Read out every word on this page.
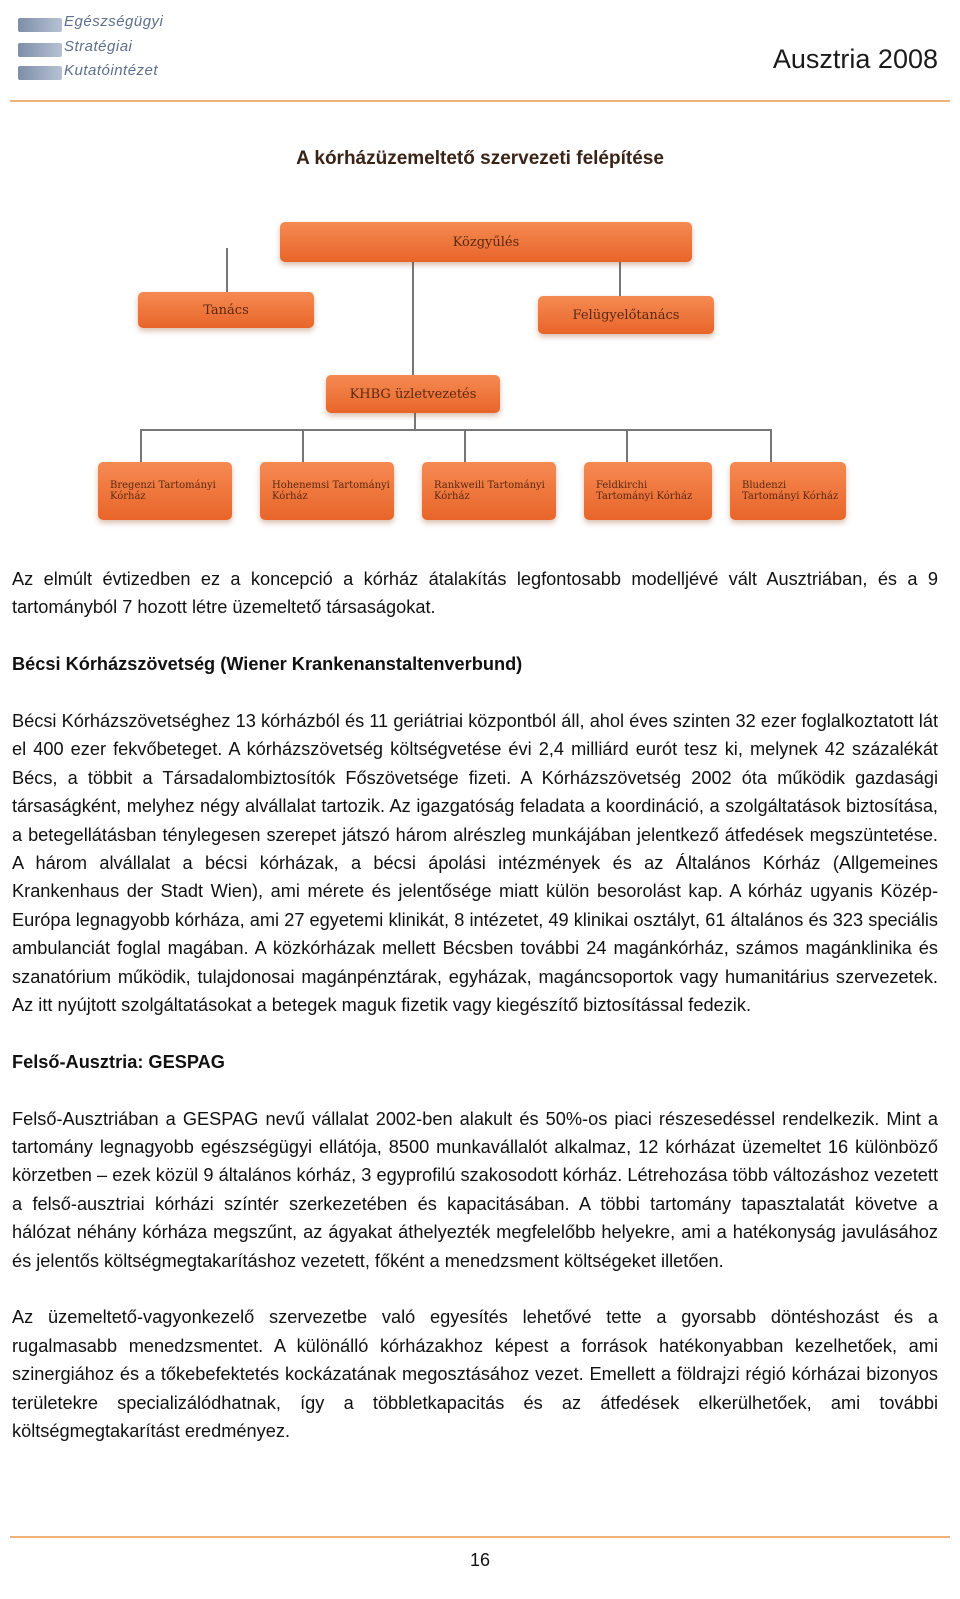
Egészségügyi
Stratégiai
Kutatóintézet	Ausztria 2008
A kórházüzemeltető szervezeti felépítése
Közgyűlés
Tanács	Felügyelőtanács
KHBG üzletvezetés
Bregenzi Tartományi
Kórház
Hohenemsi Tartományi
Kórház
Rankweili Tartományi
Kórház
Feldkirchi
Tartományi Kórház
Bludenzi
Tartományi Kórház

Az elmúlt évtizedben ez a koncepció a kórház átalakítás legfontosabb modelljévé vált Ausztriában, és a 9 tartományból 7 hozott létre üzemeltető társaságokat.

Bécsi Kórházszövetség (Wiener Krankenanstaltenverbund)

Bécsi Kórházszövetséghez 13 kórházból és 11 geriátriai központból áll, ahol éves szinten 32 ezer foglalkoztatott lát el 400 ezer fekvőbeteget. A kórházszövetség költségvetése évi 2,4 milliárd eurót tesz ki, melynek 42 százalékát Bécs, a többit a Társadalombiztosítók Főszövetsége fizeti. A Kórházszövetség 2002 óta működik gazdasági társaságként, melyhez négy alvállalat tartozik. Az igazgatóság feladata a koordináció, a szolgáltatások biztosítása, a betegellátásban ténylegesen szerepet játszó három alrészleg munkájában jelentkező átfedések megszüntetése. A három alvállalat a bécsi kórházak, a bécsi ápolási intézmények és az Általános Kórház (Allgemeines Krankenhaus der Stadt Wien), ami mérete és jelentősége miatt külön besorolást kap. A kórház ugyanis Közép-Európa legnagyobb kórháza, ami 27 egyetemi klinikát, 8 intézetet, 49 klinikai osztályt, 61 általános és 323 speciális ambulanciát foglal magában. A közkórházak mellett Bécsben további 24 magánkórház, számos magánklinika és szanatórium működik, tulajdonosai magánpénztárak, egyházak, magáncsoportok vagy humanitárius szervezetek. Az itt nyújtott szolgáltatásokat a betegek maguk fizetik vagy kiegészítő biztosítással fedezik.

Felső-Ausztria: GESPAG

Felső-Ausztriában a GESPAG nevű vállalat 2002-ben alakult és 50%-os piaci részesedéssel rendelkezik. Mint a tartomány legnagyobb egészségügyi ellátója, 8500 munkavállalót alkalmaz, 12 kórházat üzemeltet 16 különböző körzetben – ezek közül 9 általános kórház, 3 egyprofilú szakosodott kórház. Létrehozása több változáshoz vezetett a felső-ausztriai kórházi színtér szerkezetében és kapacitásában. A többi tartomány tapasztalatát követve a hálózat néhány kórháza megszűnt, az ágyakat áthelyezték megfelelőbb helyekre, ami a hatékonyság javulásához és jelentős költségmegtakarításhoz vezetett, főként a menedzsment költségeket illetően.

Az üzemeltető-vagyonkezelő szervezetbe való egyesítés lehetővé tette a gyorsabb döntéshozást és a rugalmasabb menedzsmentet. A különálló kórházakhoz képest a források hatékonyabban kezelhetőek, ami szinergiához és a tőkebefektetés kockázatának megosztásához vezet. Emellett a földrajzi régió kórházai bizonyos területekre specializálódhatnak, így a többletkapacitás és az átfedések elkerülhetőek, ami további költségmegtakarítást eredményez.

16
